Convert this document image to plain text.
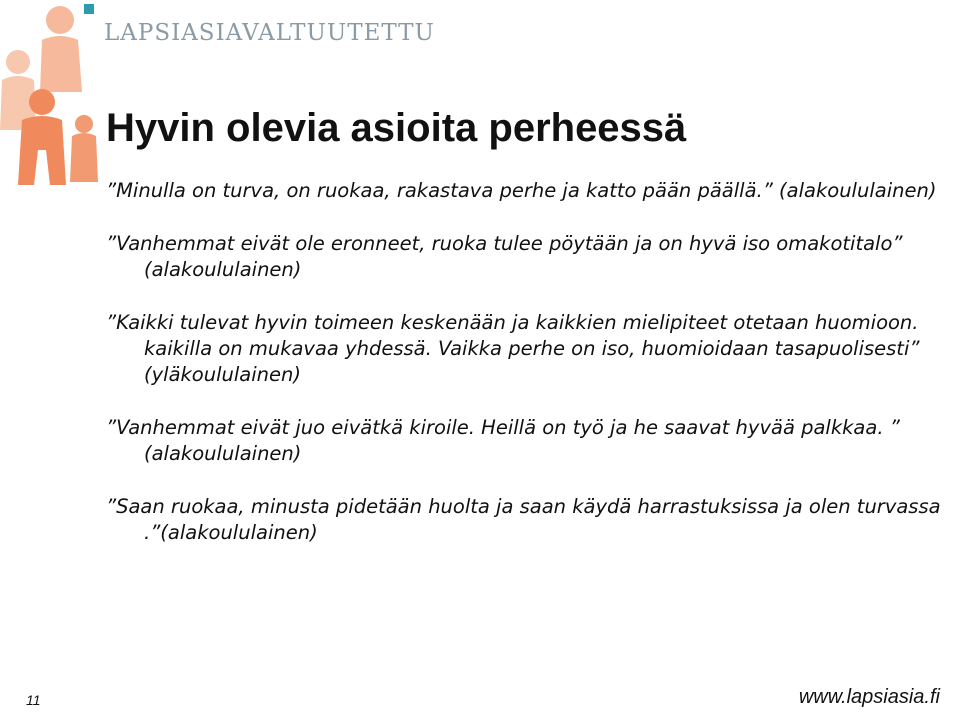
LAPSIASIAVALTUUTETTU
Hyvin olevia asioita perheessä

”Minulla on turva, on ruokaa, rakastava perhe ja katto pään päällä.” (alakoululainen)

”Vanhemmat eivät ole eronneet, ruoka tulee pöytään ja on hyvä iso omakotitalo” (alakoululainen)

”Kaikki tulevat hyvin toimeen keskenään ja kaikkien mielipiteet otetaan huomioon. kaikilla on mukavaa yhdessä. Vaikka perhe on iso, huomioidaan tasapuolisesti” (yläkoululainen)

”Vanhemmat eivät juo eivätkä kiroile. Heillä on työ ja he saavat hyvää palkkaa. ” (alakoululainen)

”Saan ruokaa, minusta pidetään huolta ja saan käydä harrastuksissa ja olen turvassa .”(alakoululainen)

11	www.lapsiasia.fi
